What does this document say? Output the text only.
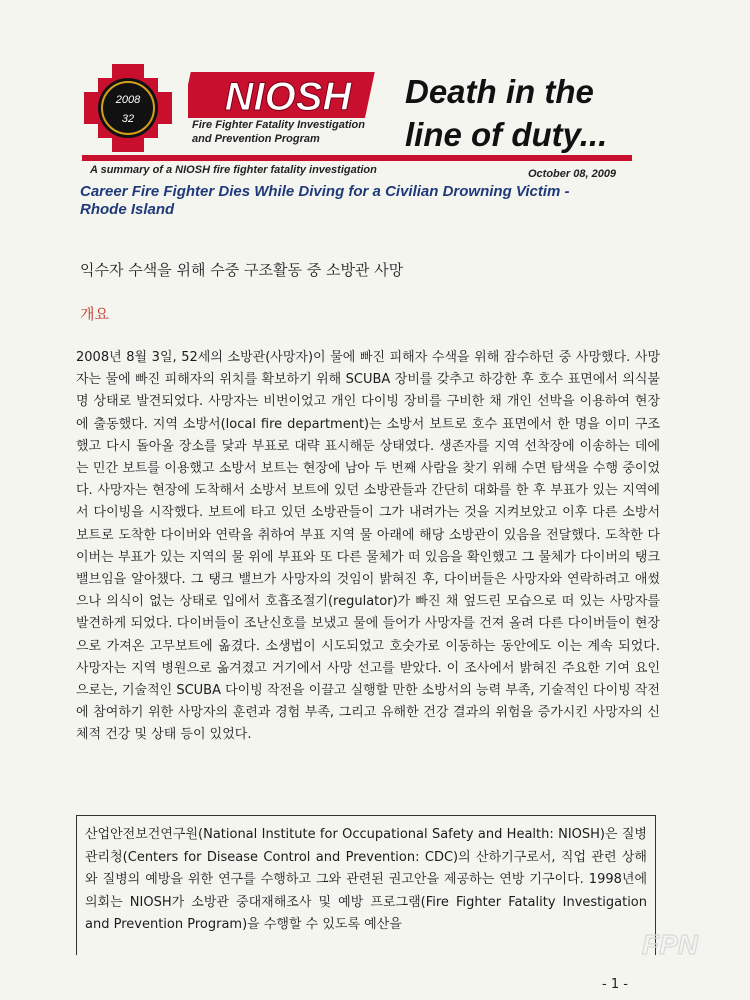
2008
32 NIOSH
Fire Fighter Fatality Investigation
and Prevention Program
Death in the
line of duty...
A summary of a NIOSH fire fighter fatality investigation	October 08, 2009
Career Fire Fighter Dies While Diving for a Civilian Drowning Victim - Rhode Island
익수자 수색을 위해 수중 구조활동 중 소방관 사망
개요
2008년 8월 3일, 52세의 소방관(사망자)이 물에 빠진 피해자 수색을 위해 잠수하던 중 사망했다. 사망자는 물에 빠진 피해자의 위치를 확보하기 위해 SCUBA 장비를 갖추고 하강한 후 호수 표면에서 의식불명 상태로 발견되었다. 사망자는 비번이었고 개인 다이빙 장비를 구비한 채 개인 선박을 이용하여 현장에 출동했다. 지역 소방서(local fire department)는 소방서 보트로 호수 표면에서 한 명을 이미 구조했고 다시 돌아올 장소를 닻과 부표로 대략 표시해둔 상태였다. 생존자를 지역 선착장에 이송하는 데에는 민간 보트를 이용했고 소방서 보트는 현장에 남아 두 번째 사람을 찾기 위해 수면 탐색을 수행 중이었다. 사망자는 현장에 도착해서 소방서 보트에 있던 소방관들과 간단히 대화를 한 후 부표가 있는 지역에서 다이빙을 시작했다. 보트에 타고 있던 소방관들이 그가 내려가는 것을 지켜보았고 이후 다른 소방서 보트로 도착한 다이버와 연락을 취하여 부표 지역 물 아래에 해당 소방관이 있음을 전달했다. 도착한 다이버는 부표가 있는 지역의 물 위에 부표와 또 다른 물체가 떠 있음을 확인했고 그 물체가 다이버의 탱크 밸브임을 알아챘다. 그 탱크 밸브가 사망자의 것임이 밝혀진 후, 다이버들은 사망자와 연락하려고 애썼으나 의식이 없는 상태로 입에서 호흡조절기(regulator)가 빠진 채 엎드린 모습으로 떠 있는 사망자를 발견하게 되었다. 다이버들이 조난신호를 보냈고 물에 들어가 사망자를 건져 올려 다른 다이버들이 현장으로 가져온 고무보트에 옮겼다. 소생법이 시도되었고 호숫가로 이동하는 동안에도 이는 계속 되었다. 사망자는 지역 병원으로 옮겨졌고 거기에서 사망 선고를 받았다. 이 조사에서 밝혀진 주요한 기여 요인으로는, 기술적인 SCUBA 다이빙 작전을 이끌고 실행할 만한 소방서의 능력 부족, 기술적인 다이빙 작전에 참여하기 위한 사망자의 훈련과 경험 부족, 그리고 유해한 건강 결과의 위험을 증가시킨 사망자의 신체적 건강 및 상태 등이 있었다.
산업안전보건연구원(National Institute for Occupational Safety and Health: NIOSH)은 질병관리청(Centers for Disease Control and Prevention: CDC)의 산하기구로서, 직업 관련 상해와 질병의 예방을 위한 연구를 수행하고 그와 관련된 권고안을 제공하는 연방 기구이다. 1998년에 의회는 NIOSH가 소방관 중대재해조사 및 예방 프로그램(Fire Fighter Fatality Investigation and Prevention Program)을 수행할 수 있도록 예산을
FPN
- 1 -
